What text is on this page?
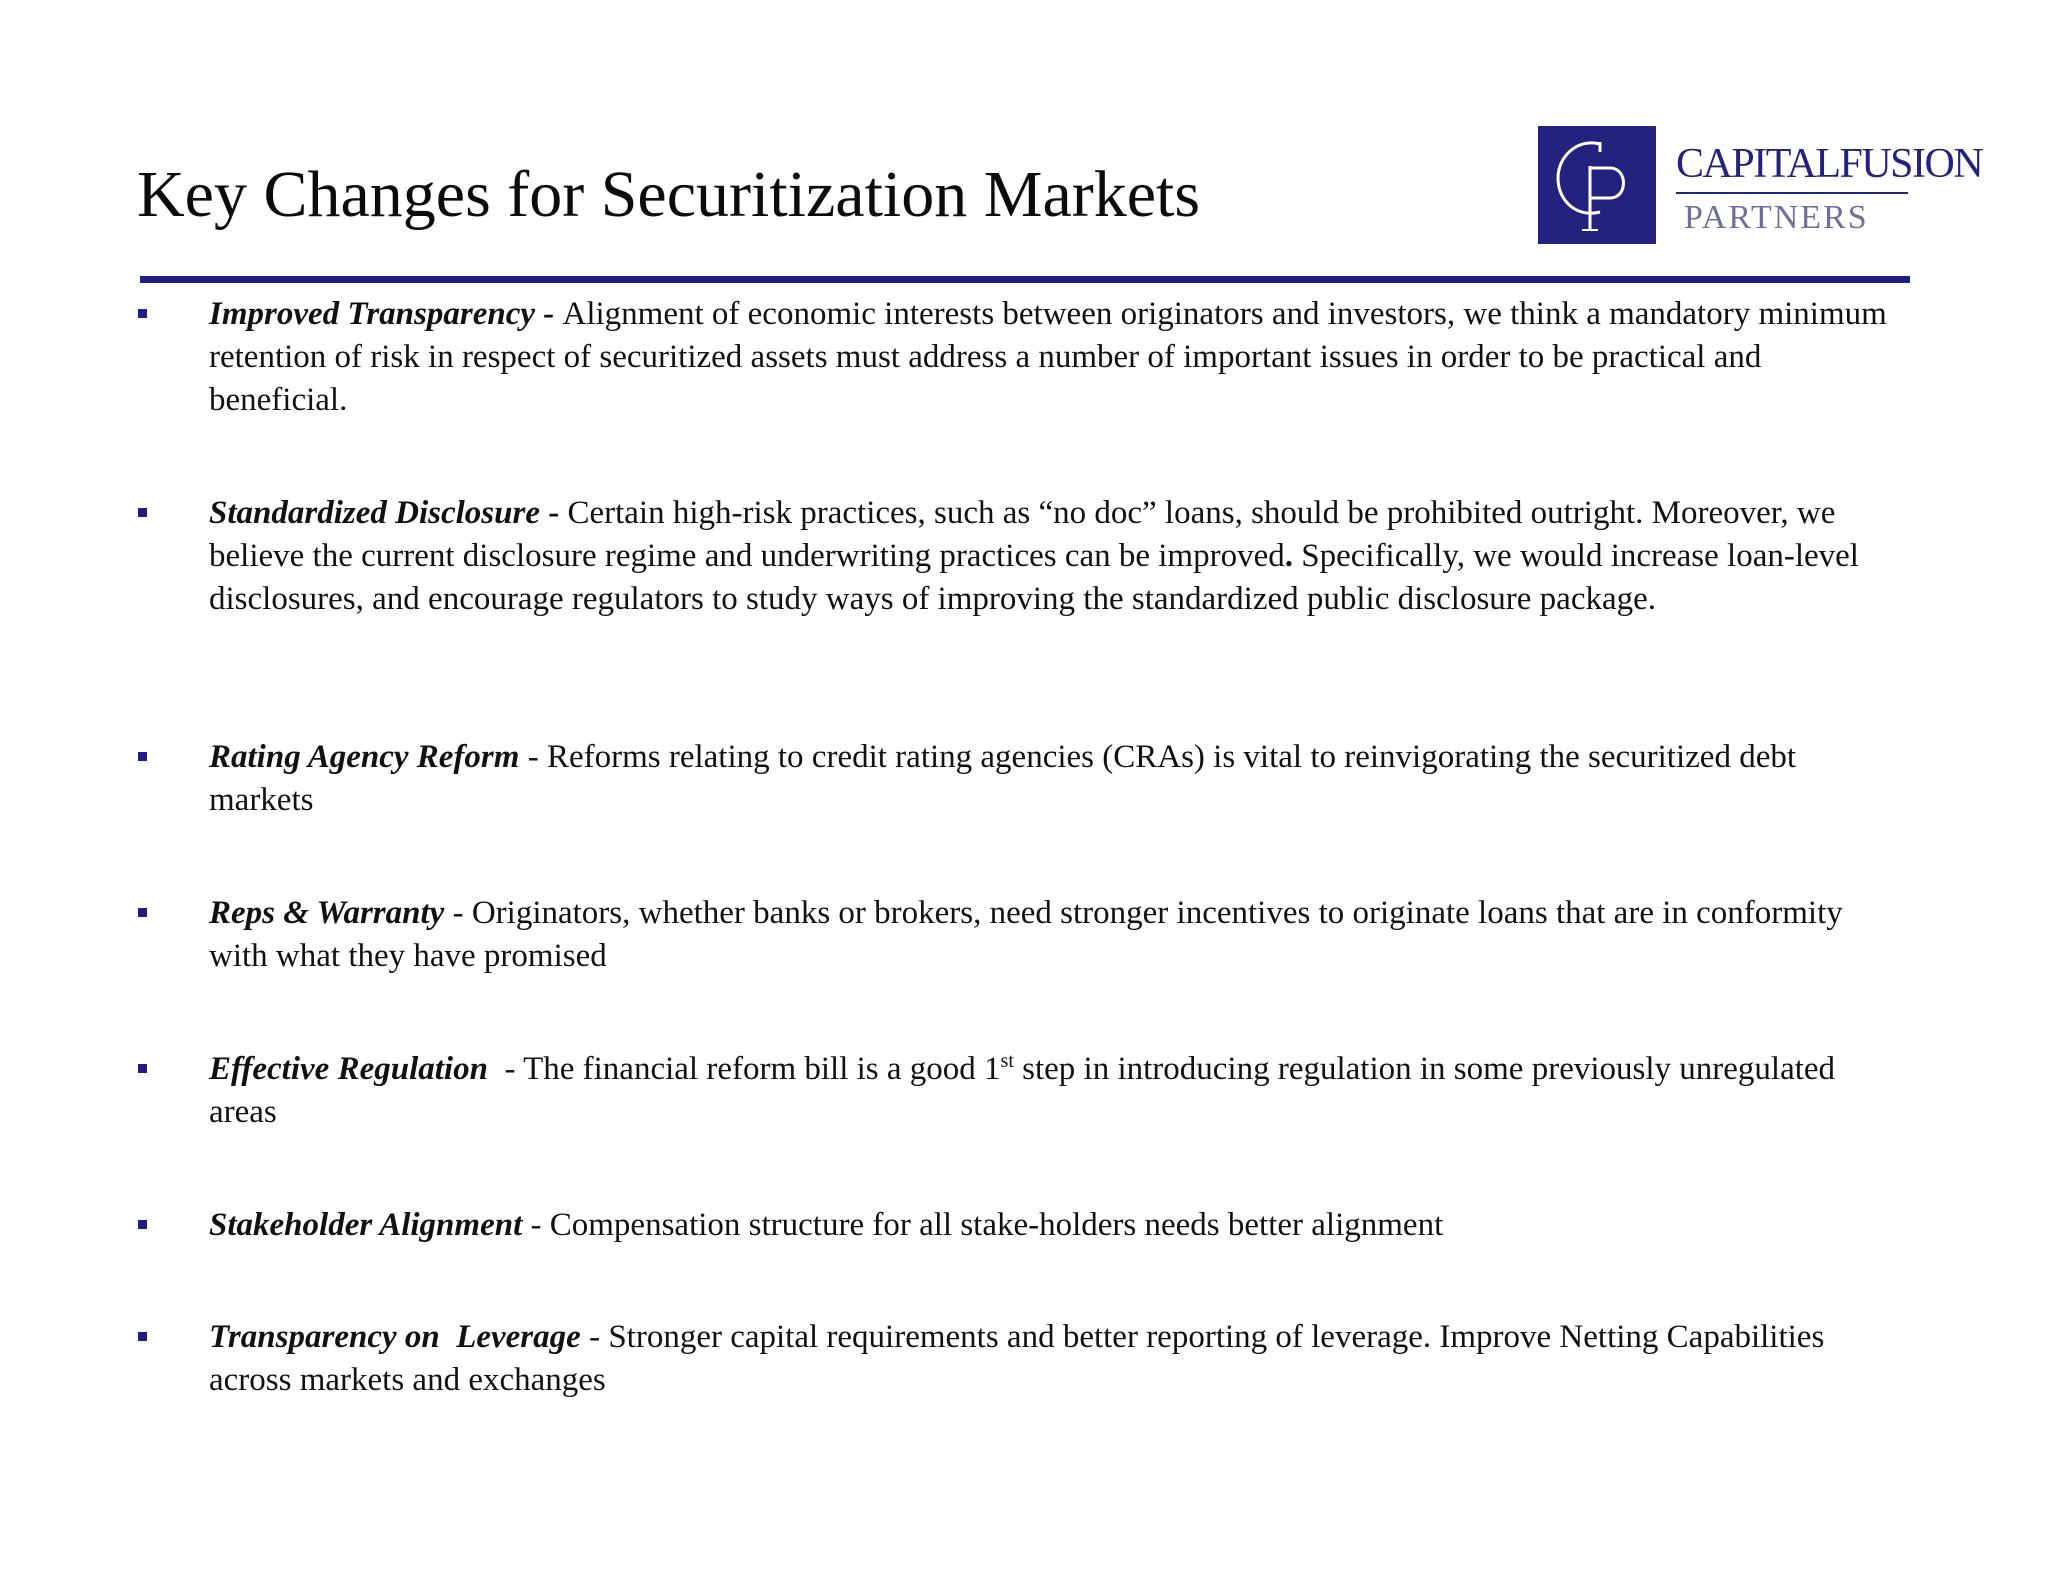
Key Changes for Securitization Markets	CAPITALFUSION
PARTNERS
Improved Transparency - Alignment of economic interests between originators and investors, we think a mandatory minimum retention of risk in respect of securitized assets must address a number of important issues in order to be practical and beneficial.
Standardized Disclosure - Certain high-risk practices, such as “no doc” loans, should be prohibited outright. Moreover, we believe the current disclosure regime and underwriting practices can be improved. Specifically, we would increase loan-level disclosures, and encourage regulators to study ways of improving the standardized public disclosure package.
Rating Agency Reform - Reforms relating to credit rating agencies (CRAs) is vital to reinvigorating the securitized debt markets
Reps & Warranty - Originators, whether banks or brokers, need stronger incentives to originate loans that are in conformity with what they have promised
Effective Regulation  - The financial reform bill is a good 1st step in introducing regulation in some previously unregulated areas
Stakeholder Alignment - Compensation structure for all stake-holders needs better alignment
Transparency on  Leverage - Stronger capital requirements and better reporting of leverage. Improve Netting Capabilities across markets and exchanges
